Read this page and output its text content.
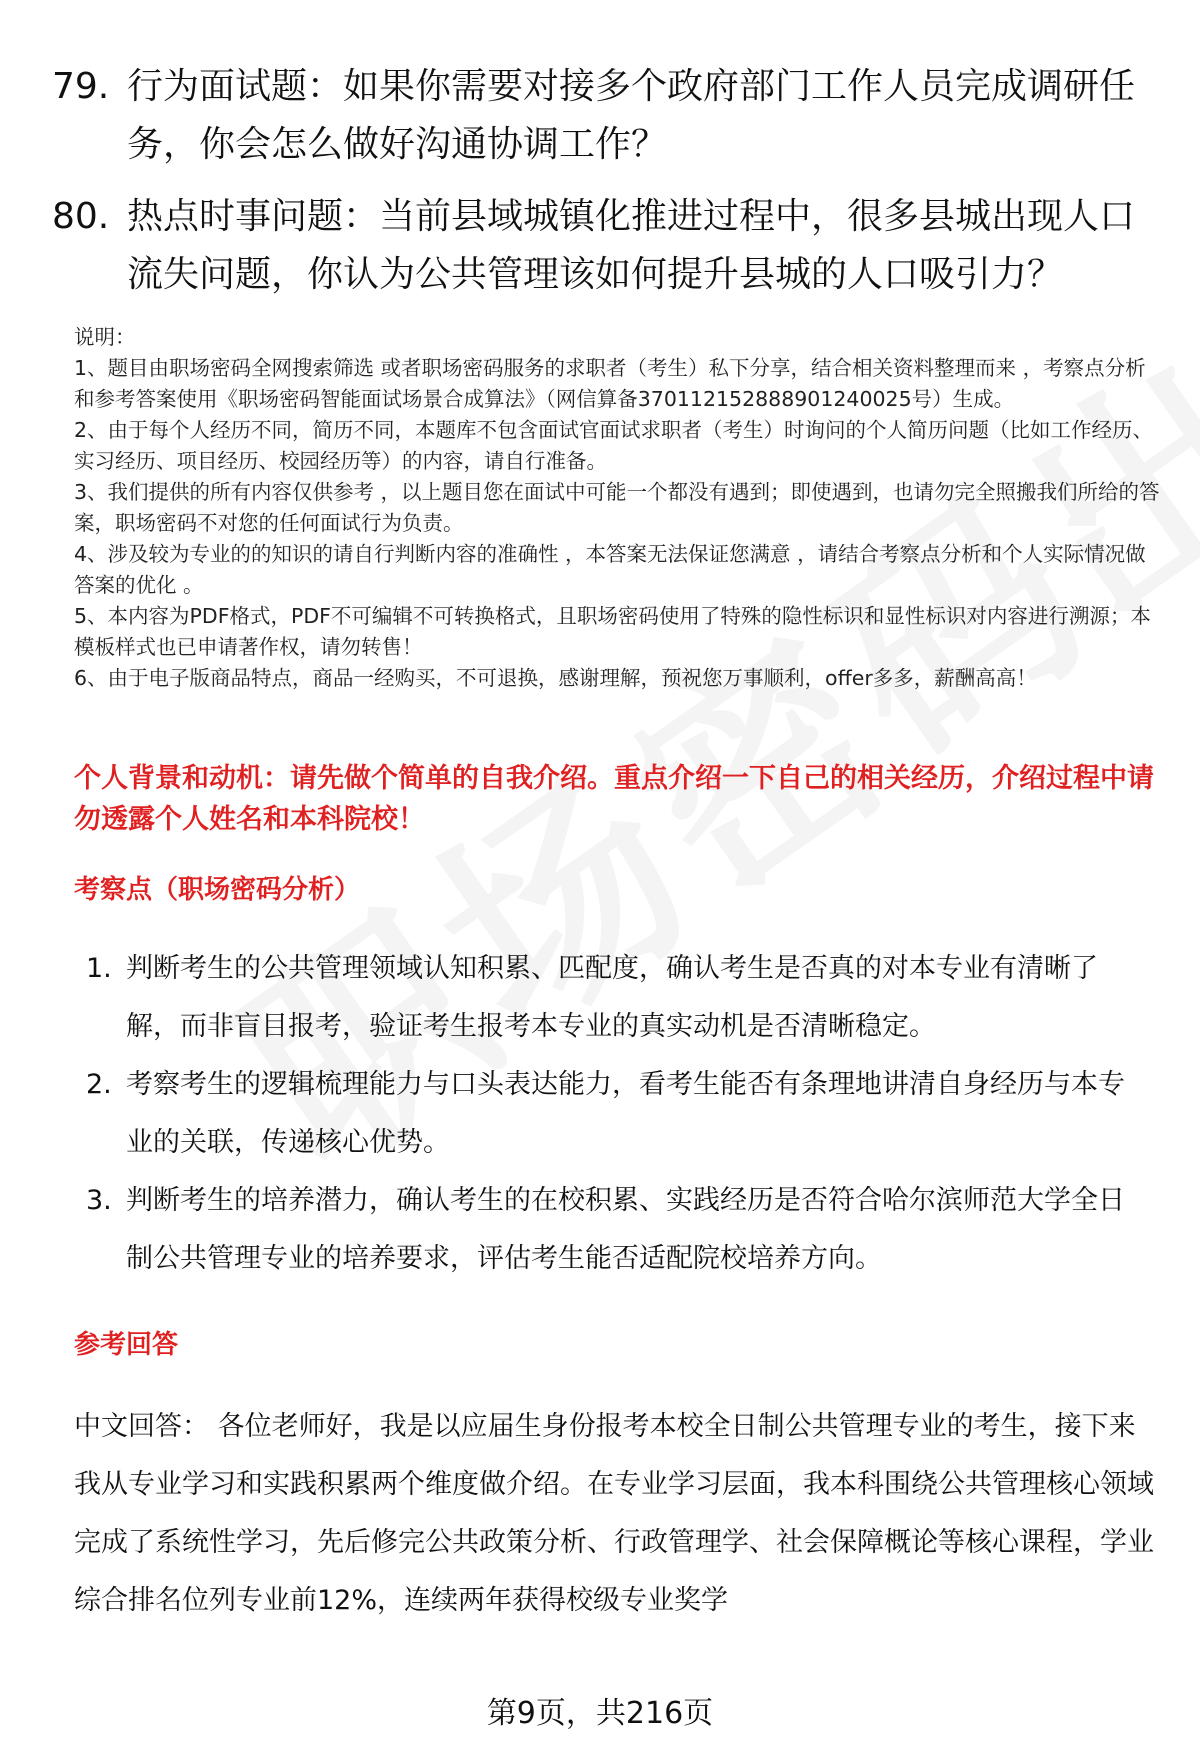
79. 行为面试题：如果你需要对接多个政府部门工作人员完成调研任务，你会怎么做好沟通协调工作？
80. 热点时事问题：当前县域城镇化推进过程中，很多县城出现人口流失问题，你认为公共管理该如何提升县城的人口吸引力？

说明：

1、题目由职场密码全网搜索筛选 或者职场密码服务的求职者（考生）私下分享，结合相关资料整理而来 ，考察点分析和参考答案使用《职场密码智能面试场景合成算法》（网信算备370112152888901240025号）生成。

2、由于每个人经历不同，简历不同，本题库不包含面试官面试求职者（考生）时询问的个人简历问题（比如工作经历、实习经历、项目经历、校园经历等）的内容，请自行准备。

3、我们提供的所有内容仅供参考 ，以上题目您在面试中可能一个都没有遇到；即使遇到，也请勿完全照搬我们所给的答案，职场密码不对您的任何面试行为负责。

4、涉及较为专业的的知识的请自行判断内容的准确性 ，本答案无法保证您满意 ，请结合考察点分析和个人实际情况做答案的优化 。

5、本内容为PDF格式，PDF不可编辑不可转换格式，且职场密码使用了特殊的隐性标识和显性标识对内容进行溯源；本模板样式也已申请著作权，请勿转售！

6、由于电子版商品特点，商品一经购买，不可退换，感谢理解，预祝您万事顺利，offer多多，薪酬高高！

个人背景和动机：请先做个简单的自我介绍。重点介绍一下自己的相关经历，介绍过程中请勿透露个人姓名和本科院校！
考察点（职场密码分析）
1. 判断考生的公共管理领域认知积累、匹配度，确认考生是否真的对本专业有清晰了解，而非盲目报考，验证考生报考本专业的真实动机是否清晰稳定。
2. 考察考生的逻辑梳理能力与口头表达能力，看考生能否有条理地讲清自身经历与本专业的关联，传递核心优势。
3. 判断考生的培养潜力，确认考生的在校积累、实践经历是否符合哈尔滨师范大学全日制公共管理专业的培养要求，评估考生能否适配院校培养方向。
参考回答
中文回答： 各位老师好，我是以应届生身份报考本校全日制公共管理专业的考生，接下来我从专业学习和实践积累两个维度做介绍。在专业学习层面，我本科围绕公共管理核心领域完成了系统性学习，先后修完公共政策分析、行政管理学、社会保障概论等核心课程，学业综合排名位列专业前12%，连续两年获得校级专业奖学
第9页，共216页
